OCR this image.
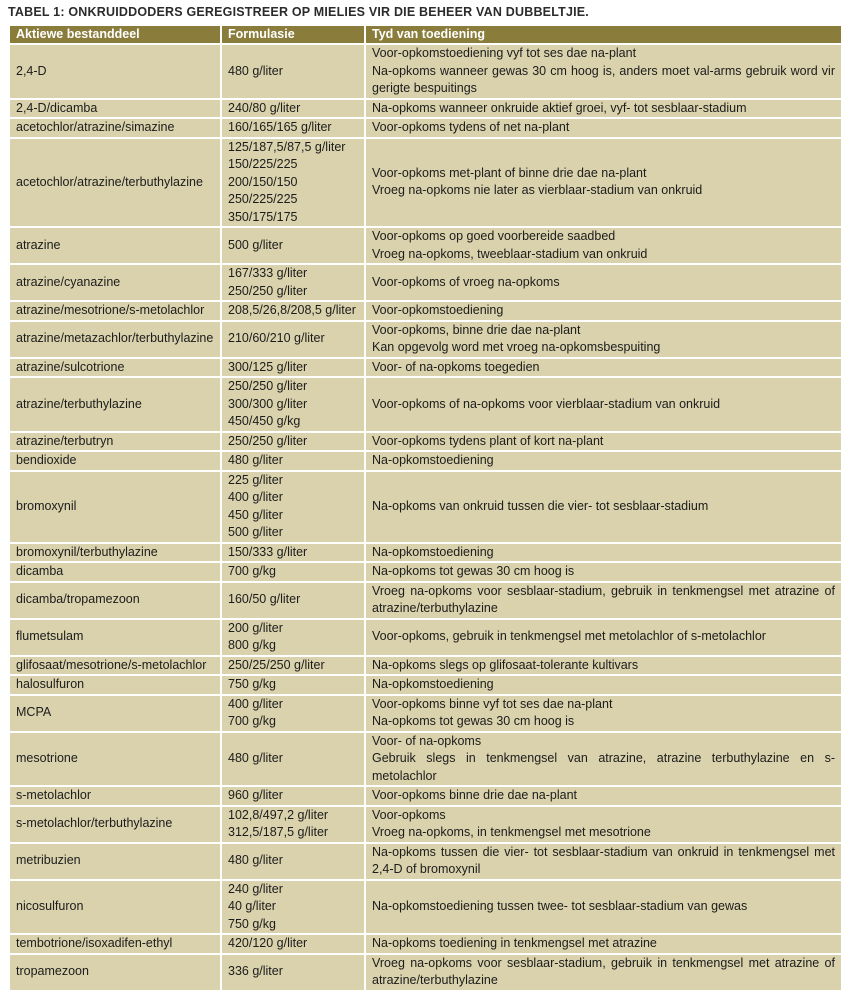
TABEL 1: ONKRUIDDODERS GEREGISTREER OP MIELIES VIR DIE BEHEER VAN DUBBELTJIE.
Aktiewe bestanddeel	Formulasie	Tyd van toediening
2,4-D	480 g/liter	Voor-opkomstoediening vyf tot ses dae na-plant
Na-opkoms wanneer gewas 30 cm hoog is, anders moet val-arms gebruik word vir gerigte bespuitings

2,4-D/dicamba	240/80 g/liter	Na-opkoms wanneer onkruide aktief groei, vyf- tot sesblaar-stadium

acetochlor/atrazine/simazine	160/165/165 g/liter	Voor-opkoms tydens of net na-plant

acetochlor/atrazine/terbuthylazine	125/187,5/87,5 g/liter
150/225/225
200/150/150
250/225/225
350/175/175	Voor-opkoms met-plant of binne drie dae na-plant
Vroeg na-opkoms nie later as vierblaar-stadium van onkruid

atrazine	500 g/liter	Voor-opkoms op goed voorbereide saadbed
Vroeg na-opkoms, tweeblaar-stadium van onkruid

atrazine/cyanazine	167/333 g/liter
250/250 g/liter	Voor-opkoms of vroeg na-opkoms

atrazine/mesotrione/s-metolachlor	208,5/26,8/208,5 g/liter	Voor-opkomstoediening

atrazine/metazachlor/terbuthylazine	210/60/210 g/liter	Voor-opkoms, binne drie dae na-plant
Kan opgevolg word met vroeg na-opkomsbespuiting

atrazine/sulcotrione	300/125 g/liter	Voor- of na-opkoms toegedien

atrazine/terbuthylazine	250/250 g/liter
300/300 g/liter
450/450 g/kg	Voor-opkoms of na-opkoms voor vierblaar-stadium van onkruid

atrazine/terbutryn	250/250 g/liter	Voor-opkoms tydens plant of kort na-plant

bendioxide	480 g/liter	Na-opkomstoediening

bromoxynil	225 g/liter
400 g/liter
450 g/liter
500 g/liter	Na-opkoms van onkruid tussen die vier- tot sesblaar-stadium

bromoxynil/terbuthylazine	150/333 g/liter	Na-opkomstoediening

dicamba	700 g/kg	Na-opkoms tot gewas 30 cm hoog is

dicamba/tropamezoon	160/50 g/liter	Vroeg na-opkoms voor sesblaar-stadium, gebruik in tenkmengsel met atrazine of atrazine/terbuthylazine

flumetsulam	200 g/liter
800 g/kg	Voor-opkoms, gebruik in tenkmengsel met metolachlor of s-metolachlor

glifosaat/mesotrione/s-metolachlor	250/25/250 g/liter	Na-opkoms slegs op glifosaat-tolerante kultivars

halosulfuron	750 g/kg	Na-opkomstoediening

MCPA	400 g/liter
700 g/kg	Voor-opkoms binne vyf tot ses dae na-plant
Na-opkoms tot gewas 30 cm hoog is

mesotrione	480 g/liter	Voor- of na-opkoms
Gebruik slegs in tenkmengsel van atrazine, atrazine terbuthylazine en s-metolachlor

s-metolachlor	960 g/liter	Voor-opkoms binne drie dae na-plant

s-metolachlor/terbuthylazine	102,8/497,2 g/liter
312,5/187,5 g/liter	Voor-opkoms
Vroeg na-opkoms, in tenkmengsel met mesotrione

metribuzien	480 g/liter	Na-opkoms tussen die vier- tot sesblaar-stadium van onkruid in tenkmengsel met 2,4-D of bromoxynil

nicosulfuron	240 g/liter
40 g/liter
750 g/kg	Na-opkomstoediening tussen twee- tot sesblaar-stadium van gewas

tembotrione/isoxadifen-ethyl	420/120 g/liter	Na-opkoms toediening in tenkmengsel met atrazine

tropamezoon	336 g/liter	Vroeg na-opkoms voor sesblaar-stadium, gebruik in tenkmengsel met atrazine of atrazine/terbuthylazine
